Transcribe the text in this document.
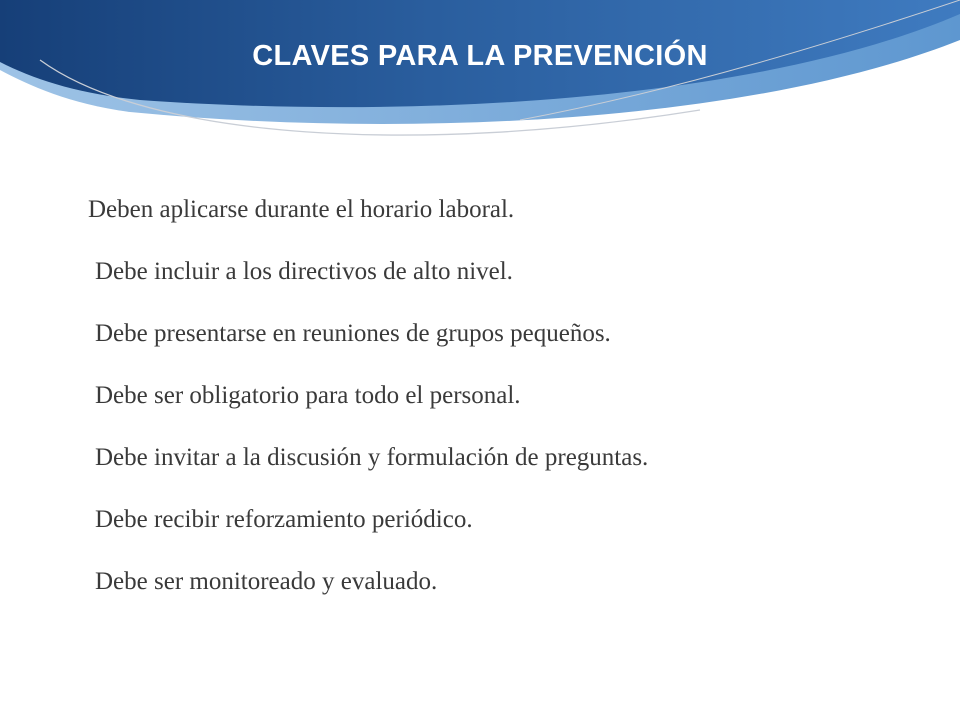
CLAVES PARA LA PREVENCIÓN
Deben aplicarse durante el horario laboral.
Debe incluir a los directivos de alto nivel.
Debe presentarse en reuniones de grupos pequeños.
Debe ser obligatorio para todo el personal.
Debe invitar a la discusión y formulación de preguntas.
Debe recibir reforzamiento periódico.
Debe ser monitoreado y evaluado.
